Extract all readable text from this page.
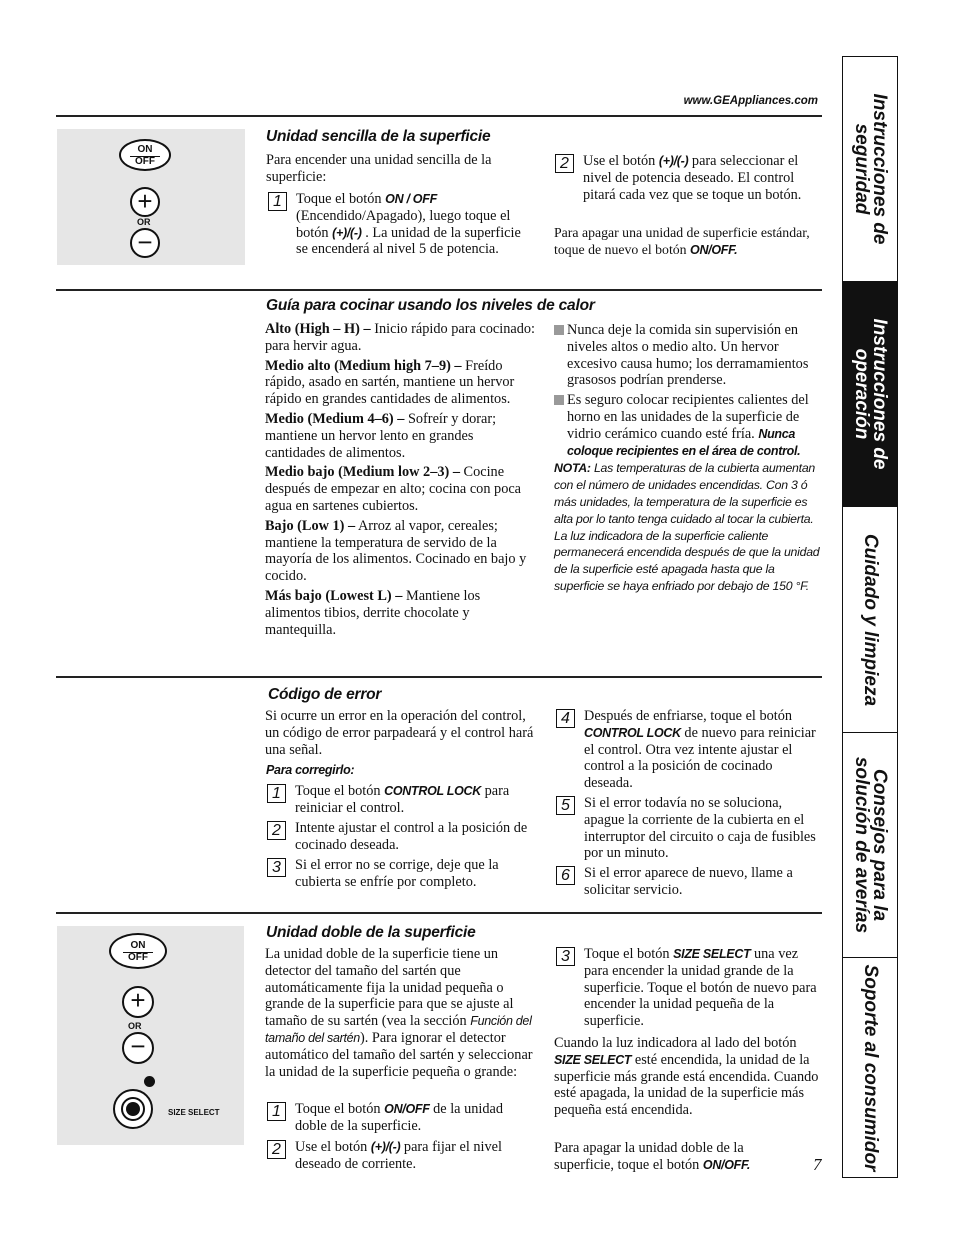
www.GEAppliances.com
ON
OFF
+
OR
−
Unidad sencilla de la superficie
Para encender una unidad sencilla de la superficie:
1 Toque el botón ON / OFF (Encendido/Apagado), luego toque el botón (+)/(-) . La unidad de la superficie se encenderá al nivel 5 de potencia.
2 Use el botón (+)/(-) para seleccionar el nivel de potencia deseado. El control pitará cada vez que se toque un botón.
Para apagar una unidad de superficie estándar, toque de nuevo el botón ON/OFF.
Guía para cocinar usando los niveles de calor
Alto (High – H) – Inicio rápido para cocinado: para hervir agua.
Medio alto (Medium high 7–9) – Freído rápido, asado en sartén, mantiene un hervor rápido en grandes cantidades de alimentos.
Medio (Medium 4–6) – Sofreír y dorar; mantiene un hervor lento en grandes cantidades de alimentos.
Medio bajo (Medium low 2–3) – Cocine después de empezar en alto; cocina con poca agua en sartenes cubiertos.
Bajo (Low 1) – Arroz al vapor, cereales; mantiene la temperatura de servido de la mayoría de los alimentos. Cocinado en bajo y cocido.
Más bajo (Lowest L) – Mantiene los alimentos tibios, derrite chocolate y mantequilla.
Nunca deje la comida sin supervisión en niveles altos o medio alto. Un hervor excesivo causa humo; los derramamientos grasosos podrían prenderse.
Es seguro colocar recipientes calientes del horno en las unidades de la superficie de vidrio cerámico cuando esté fría. Nunca coloque recipientes en el área de control.
NOTA: Las temperaturas de la cubierta aumentan con el número de unidades encendidas. Con 3 ó más unidades, la temperatura de la superficie es alta por lo tanto tenga cuidado al tocar la cubierta. La luz indicadora de la superficie caliente permanecerá encendida después de que la unidad de la superficie esté apagada hasta que la superficie se haya enfriado por debajo de 150 °F.
Código de error
Si ocurre un error en la operación del control, un código de error parpadeará y el control hará una señal.
Para corregirlo:
1 Toque el botón CONTROL LOCK para reiniciar el control.
2 Intente ajustar el control a la posición de cocinado deseada.
3 Si el error no se corrige, deje que la cubierta se enfríe por completo.
4 Después de enfriarse, toque el botón CONTROL LOCK de nuevo para reiniciar el control. Otra vez intente ajustar el control a la posición de cocinado deseada.
5 Si el error todavía no se soluciona, apague la corriente de la cubierta en el interruptor del circuito o caja de fusibles por un minuto.
6 Si el error aparece de nuevo, llame a solicitar servicio.
ON
OFF
+
OR
−
SIZE SELECT
Unidad doble de la superficie
La unidad doble de la superficie tiene un detector del tamaño del sartén que automáticamente fija la unidad pequeña o grande de la superficie para que se ajuste al tamaño de su sartén (vea la sección Función del tamaño del sartén). Para ignorar el detector automático del tamaño del sartén y seleccionar la unidad de la superficie pequeña o grande:
1 Toque el botón ON/OFF de la unidad doble de la superficie.
2 Use el botón (+)/(-) para fijar el nivel deseado de corriente.
3 Toque el botón SIZE SELECT una vez para encender la unidad grande de la superficie. Toque el botón de nuevo para encender la unidad pequeña de la superficie.
Cuando la luz indicadora al lado del botón SIZE SELECT esté encendida, la unidad de la superficie más grande está encendida. Cuando esté apagada, la unidad de la superficie más pequeña está encendida.
Para apagar la unidad doble de la superficie, toque el botón ON/OFF.	7
Instrucciones de seguridad
Instrucciones de operación
Cuidado y limpieza
Consejos para la solución de averías
Soporte al consumidor
